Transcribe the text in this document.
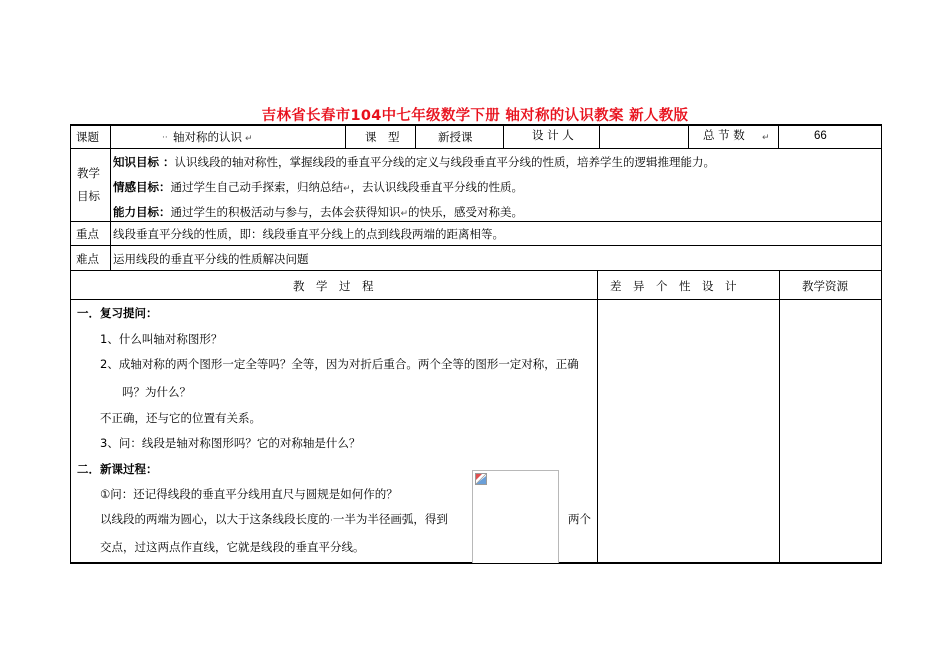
吉林省长春市104中七年级数学下册 轴对称的认识教案 新人教版
课题	·· 轴对称的认识 ↵	课　型	新授课	设 计 人	总 节 数 ↵	66
教学
目标
知识目标 ：认识线段的轴对称性，掌握线段的垂直平分线的定义与线段垂直平分线的性质，培养学生的逻辑推理能力。
情感目标：通过学生自己动手探索，归纳总结↵，去认识线段垂直平分线的性质。
能力目标：通过学生的积极活动与参与，去体会获得知识↵的快乐，感受对称美。
重点 线段垂直平分线的性质，即：线段垂直平分线上的点到线段两端的距离相等。
难点 运用线段的垂直平分线的性质解决问题
教　学　过　程	差　异　个　性　设　计	教学资源
一．复习提问：
1、什么叫轴对称图形？
2、成轴对称的两个图形一定全等吗？全等，因为对折后重合。两个全等的图形一定对称，正确
吗？为什么？
不正确，还与它的位置有关系。
3、问：线段是轴对称图形吗？它的对称轴是什么？
二．新课过程：
①问：还记得线段的垂直平分线用直尺与圆规是如何作的？
以线段的两端为圆心，以大于这条线段长度的·一半为半径画弧，得到	两个
交点，过这两点作直线，它就是线段的垂直平分线。
